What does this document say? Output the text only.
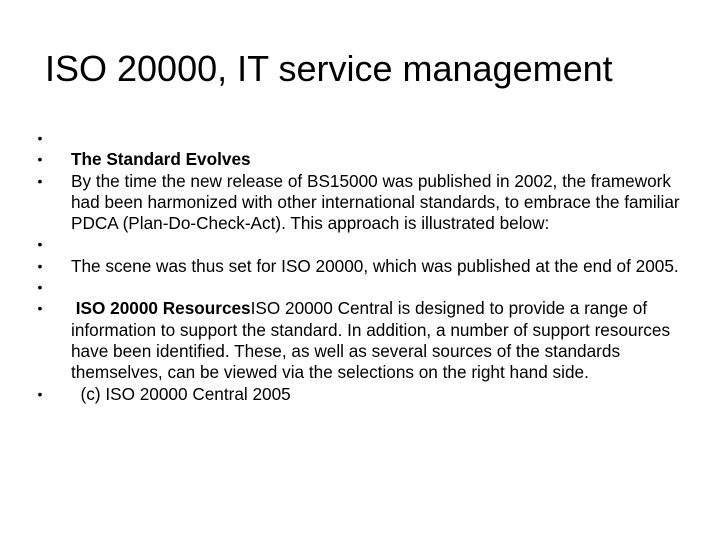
ISO 20000, IT service management
•
•	The Standard Evolves
•	By the time the new release of BS15000 was published in 2002, the framework had been harmonized with other international standards, to embrace the familiar PDCA (Plan-Do-Check-Act). This approach is illustrated below:
•
•	The scene was thus set for ISO 20000, which was published at the end of 2005.
•
•	ISO 20000 ResourcesISO 20000 Central is designed to provide a range of information to support the standard. In addition, a number of support resources have been identified. These, as well as several sources of the standards themselves, can be viewed via the selections on the right hand side.
•	(c) ISO 20000 Central 2005
